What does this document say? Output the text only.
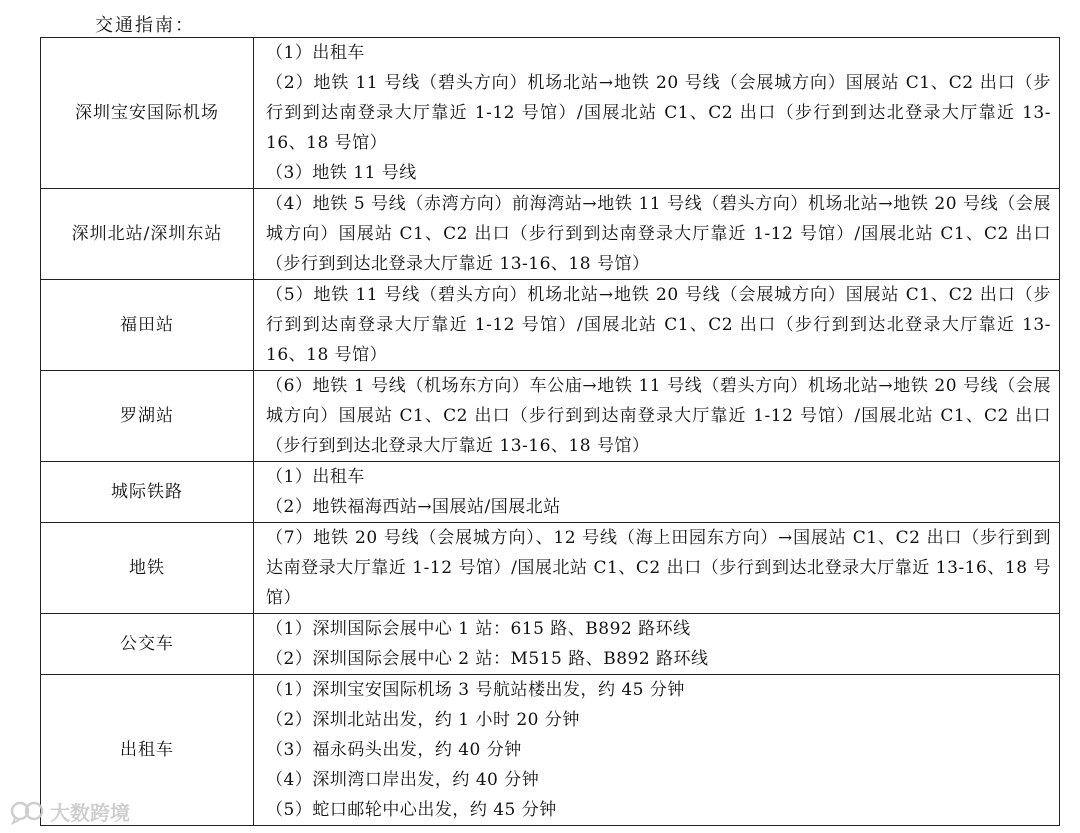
交通指南：
深圳宝安国际机场	（1）出租车
（2）地铁 11 号线（碧头方向）机场北站→地铁 20 号线（会展城方向）国展站 C1、C2 出口（步行到到达南登录大厅靠近 1-12 号馆）/国展北站 C1、C2 出口（步行到到达北登录大厅靠近 13-16、18 号馆）
（3）地铁 11 号线

深圳北站/深圳东站	（4）地铁 5 号线（赤湾方向）前海湾站→地铁 11 号线（碧头方向）机场北站→地铁 20 号线（会展城方向）国展站 C1、C2 出口（步行到到达南登录大厅靠近 1-12 号馆）/国展北站 C1、C2 出口（步行到到达北登录大厅靠近 13-16、18 号馆）

福田站	（5）地铁 11 号线（碧头方向）机场北站→地铁 20 号线（会展城方向）国展站 C1、C2 出口（步行到到达南登录大厅靠近 1-12 号馆）/国展北站 C1、C2 出口（步行到到达北登录大厅靠近 13-16、18 号馆）

罗湖站	（6）地铁 1 号线（机场东方向）车公庙→地铁 11 号线（碧头方向）机场北站→地铁 20 号线（会展城方向）国展站 C1、C2 出口（步行到到达南登录大厅靠近 1-12 号馆）/国展北站 C1、C2 出口（步行到到达北登录大厅靠近 13-16、18 号馆）

城际铁路	（1）出租车
（2）地铁福海西站→国展站/国展北站

地铁	（7）地铁 20 号线（会展城方向）、12 号线（海上田园东方向）→国展站 C1、C2 出口（步行到到达南登录大厅靠近 1-12 号馆）/国展北站 C1、C2 出口（步行到到达北登录大厅靠近 13-16、18 号馆）

公交车	（1）深圳国际会展中心 1 站：615 路、B892 路环线
（2）深圳国际会展中心 2 站：M515 路、B892 路环线

出租车	（1）深圳宝安国际机场 3 号航站楼出发，约 45 分钟
（2）深圳北站出发，约 1 小时 20 分钟
（3）福永码头出发，约 40 分钟
（4）深圳湾口岸出发，约 40 分钟
（5）蛇口邮轮中心出发，约 45 分钟
大数跨境
